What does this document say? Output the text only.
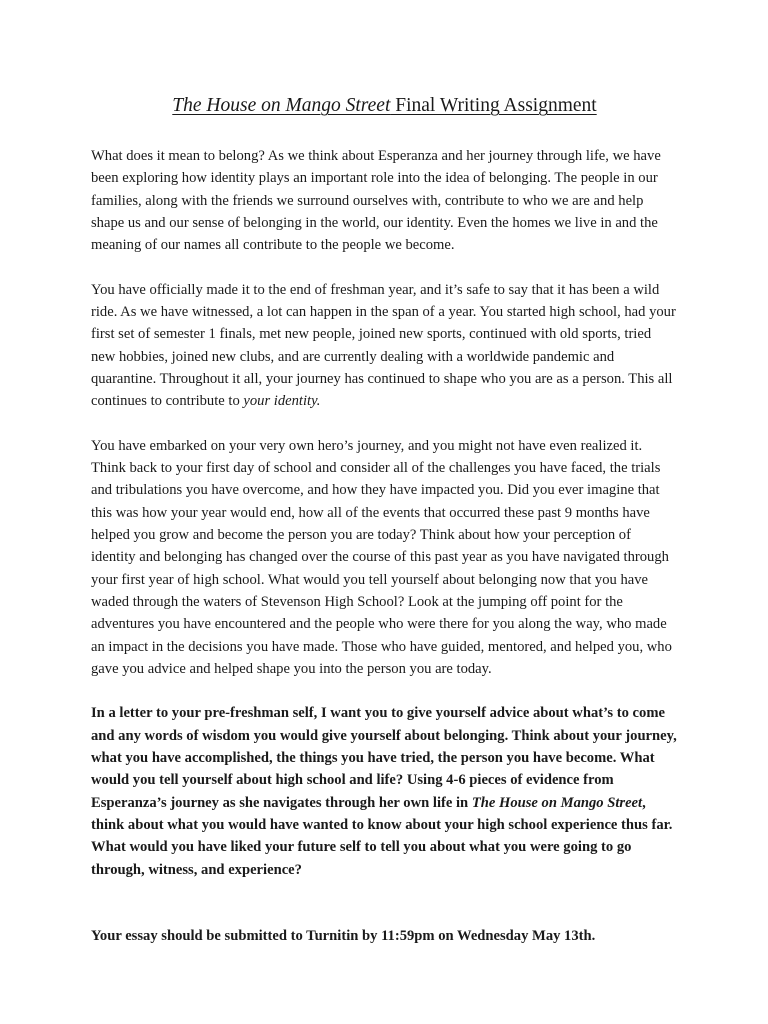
The House on Mango Street Final Writing Assignment

What does it mean to belong? As we think about Esperanza and her journey through life, we have been exploring how identity plays an important role into the idea of belonging. The people in our families, along with the friends we surround ourselves with, contribute to who we are and help shape us and our sense of belonging in the world, our identity. Even the homes we live in and the meaning of our names all contribute to the people we become.

You have officially made it to the end of freshman year, and it’s safe to say that it has been a wild ride. As we have witnessed, a lot can happen in the span of a year. You started high school, had your first set of semester 1 finals, met new people, joined new sports, continued with old sports, tried new hobbies, joined new clubs, and are currently dealing with a worldwide pandemic and quarantine. Throughout it all, your journey has continued to shape who you are as a person. This all continues to contribute to your identity.

You have embarked on your very own hero’s journey, and you might not have even realized it. Think back to your first day of school and consider all of the challenges you have faced, the trials and tribulations you have overcome, and how they have impacted you. Did you ever imagine that this was how your year would end, how all of the events that occurred these past 9 months have helped you grow and become the person you are today? Think about how your perception of identity and belonging has changed over the course of this past year as you have navigated through your first year of high school. What would you tell yourself about belonging now that you have waded through the waters of Stevenson High School? Look at the jumping off point for the adventures you have encountered and the people who were there for you along the way, who made an impact in the decisions you have made. Those who have guided, mentored, and helped you, who gave you advice and helped shape you into the person you are today.

In a letter to your pre-freshman self, I want you to give yourself advice about what’s to come and any words of wisdom you would give yourself about belonging. Think about your journey, what you have accomplished, the things you have tried, the person you have become. What would you tell yourself about high school and life? Using 4-6 pieces of evidence from Esperanza’s journey as she navigates through her own life in The House on Mango Street, think about what you would have wanted to know about your high school experience thus far. What would you have liked your future self to tell you about what you were going to go through, witness, and experience?

Your essay should be submitted to Turnitin by 11:59pm on Wednesday May 13th.
